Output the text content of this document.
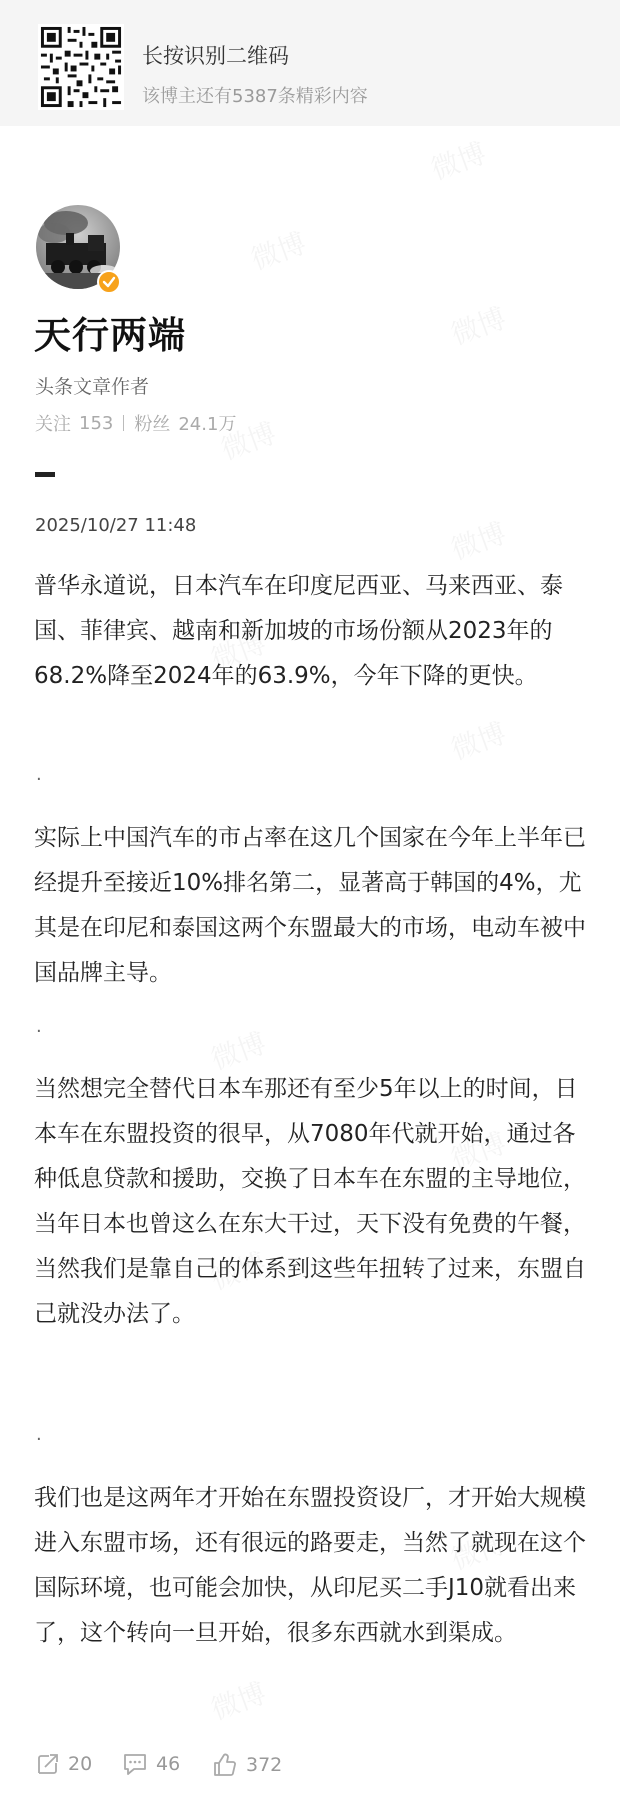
长按识别二维码
该博主还有5387条精彩内容
天行两端
头条文章作者
关注 153 粉丝 24.1万
2025/10/27 11:48
普华永道说，日本汽车在印度尼西亚、马来西亚、泰国、菲律宾、越南和新加坡的市场份额从2023年的68.2%降至2024年的63.9%，今年下降的更快。
·
实际上中国汽车的市占率在这几个国家在今年上半年已经提升至接近10%排名第二，显著高于韩国的4%，尤其是在印尼和泰国这两个东盟最大的市场，电动车被中国品牌主导。
·
当然想完全替代日本车那还有至少5年以上的时间，日本车在东盟投资的很早，从7080年代就开始，通过各种低息贷款和援助，交换了日本车在东盟的主导地位，当年日本也曾这么在东大干过，天下没有免费的午餐，当然我们是靠自己的体系到这些年扭转了过来，东盟自己就没办法了。
·
我们也是这两年才开始在东盟投资设厂，才开始大规模进入东盟市场，还有很远的路要走，当然了就现在这个国际环境，也可能会加快，从印尼买二手J10就看出来了，这个转向一旦开始，很多东西就水到渠成。
20	46	372
